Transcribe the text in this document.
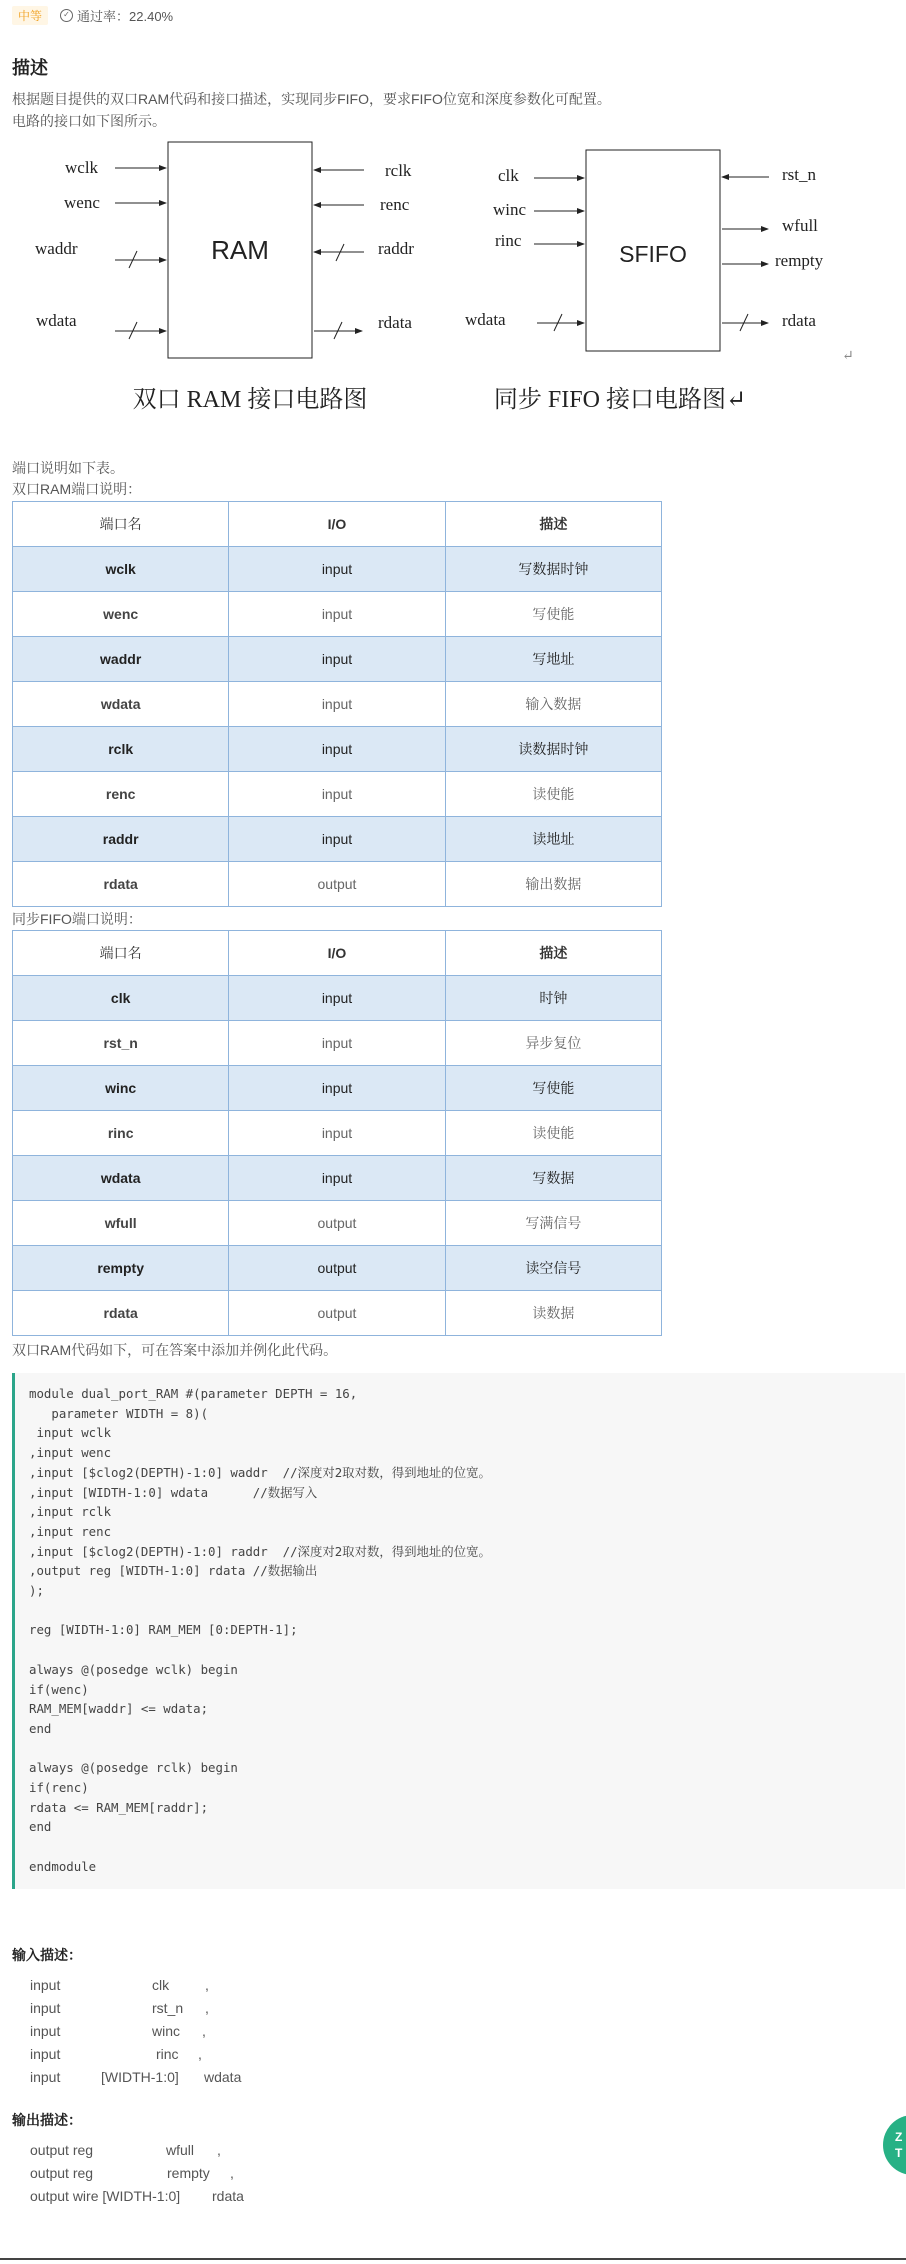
中等	✓ 通过率：22.40%
描述
根据题目提供的双口RAM代码和接口描述，实现同步FIFO，要求FIFO位宽和深度参数化可配置。
电路的接口如下图所示。
RAM
wclk
wenc
waddr
wdata
rclk
renc
raddr
rdata
双口 RAM 接口电路图
SFIFO
clk
winc
rinc
wdata
rst_n
wfull
rempty
rdata
同步 FIFO 接口电路图↵
↵
端口说明如下表。
双口RAM端口说明：
端口名	I/O	描述
wclk	input	写数据时钟
wenc	input	写使能
waddr	input	写地址
wdata	input	输入数据
rclk	input	读数据时钟
renc	input	读使能
raddr	input	读地址
rdata	output	输出数据
同步FIFO端口说明：
端口名	I/O	描述
clk	input	时钟
rst_n	input	异步复位
winc	input	写使能
rinc	input	读使能
wdata	input	写数据
wfull	output	写满信号
rempty	output	读空信号
rdata	output	读数据
双口RAM代码如下，可在答案中添加并例化此代码。
module dual_port_RAM #(parameter DEPTH = 16,
parameter WIDTH = 8)(
input wclk
,input wenc
,input [$clog2(DEPTH)-1:0] waddr  //深度对2取对数，得到地址的位宽。
,input [WIDTH-1:0] wdata      //数据写入
,input rclk
,input renc
,input [$clog2(DEPTH)-1:0] raddr  //深度对2取对数，得到地址的位宽。
,output reg [WIDTH-1:0] rdata //数据输出
);

reg [WIDTH-1:0] RAM_MEM [0:DEPTH-1];

always @(posedge wclk) begin
if(wenc)
RAM_MEM[waddr] <= wdata;
end

always @(posedge rclk) begin
if(renc)
rdata <= RAM_MEM[raddr];
end

endmodule
输入描述：
input	clk	,
input	rst_n ,
input	winc ,
input	rinc ,
input	[WIDTH-1:0] wdata
输出描述：
output reg	wfull ,
output reg	rempty ,
output wire [WIDTH-1:0] rdata
Z
T
